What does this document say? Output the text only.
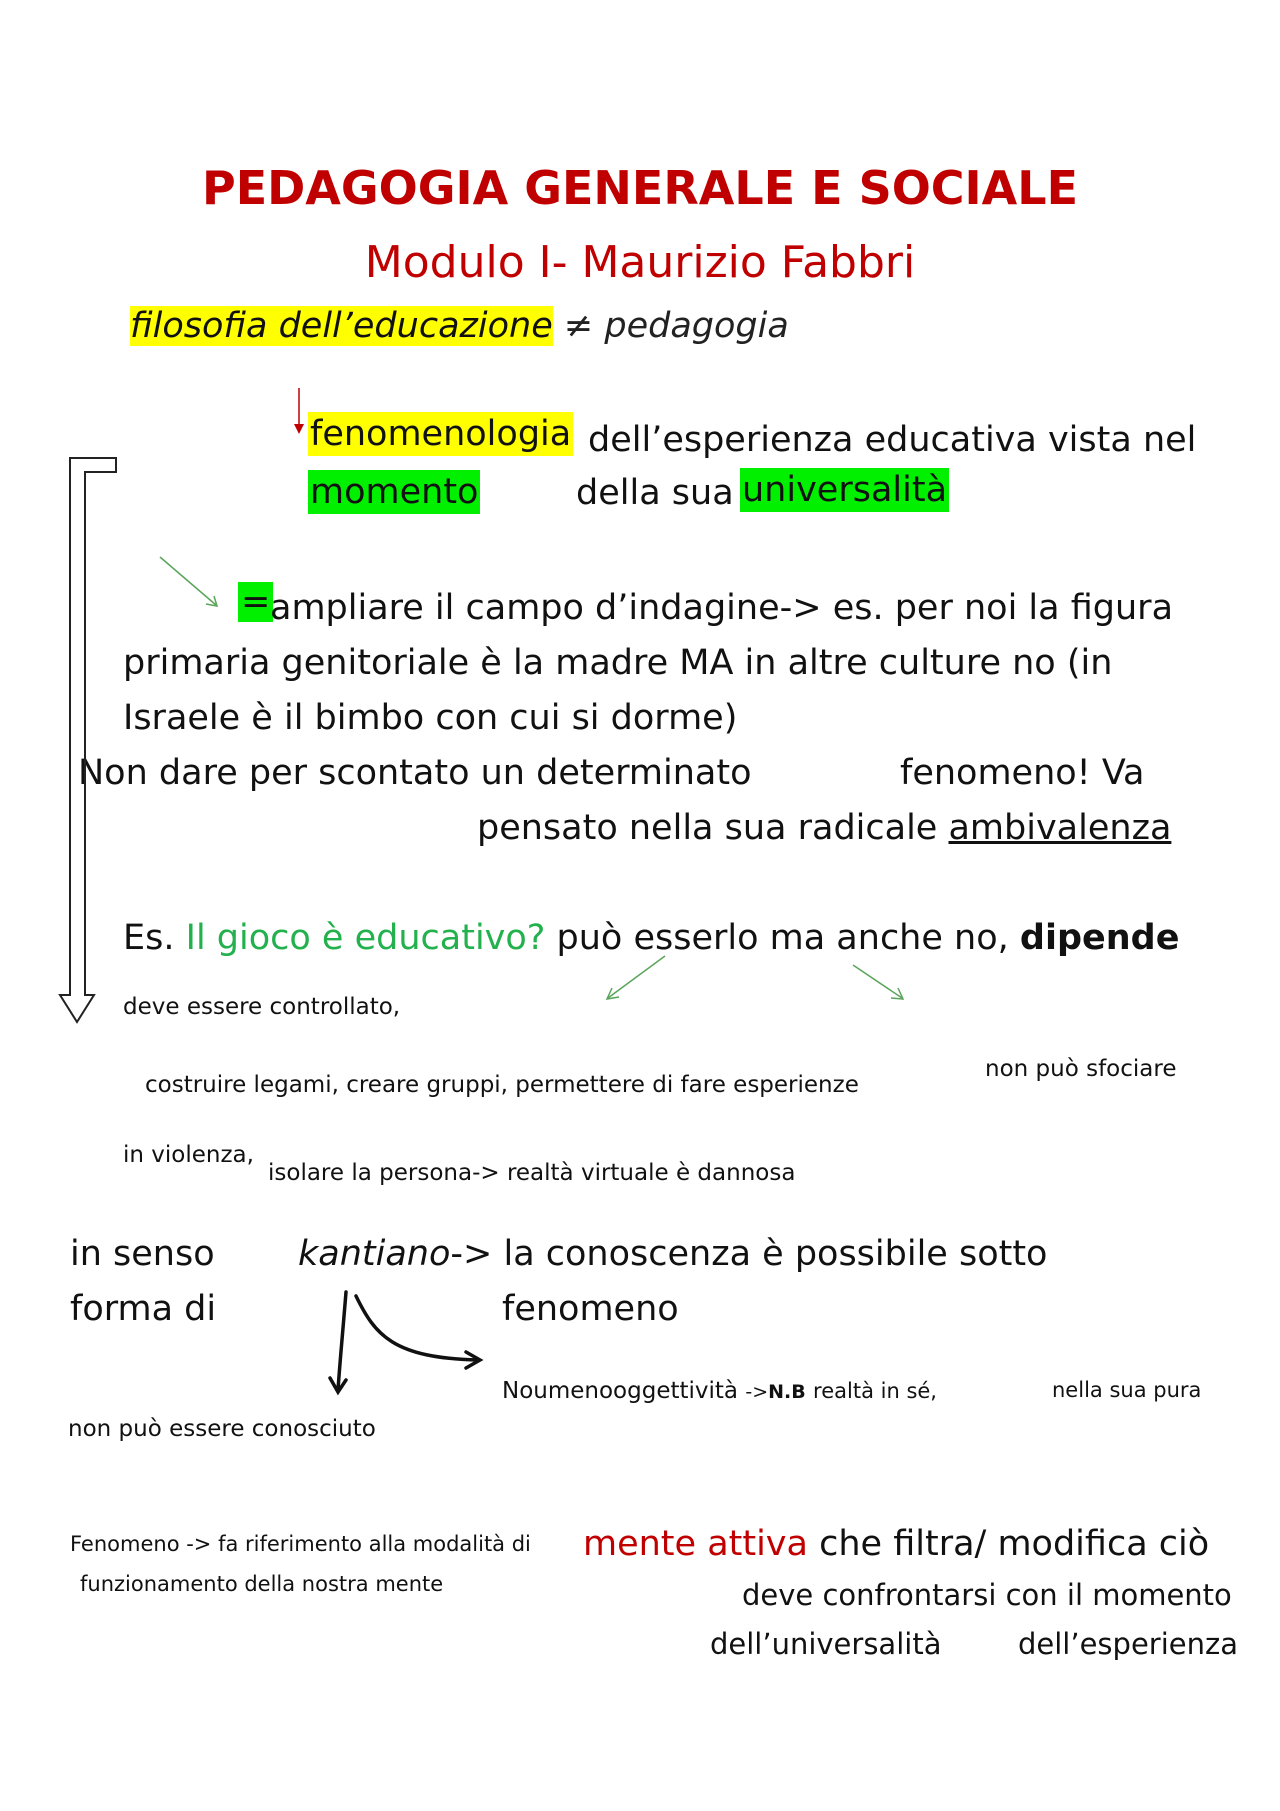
PEDAGOGIA GENERALE E SOCIALE
Modulo I- Maurizio Fabbri
filosofia dell’educazione ≠ pedagogia
fenomenologia dell’esperienza educativa vista nel
momento	della sua universalità
= ampliare il campo d’indagine-> es. per noi la figura
primaria genitoriale è la madre MA in altre culture no (in
Israele è il bimbo con cui si dorme)
Non dare per scontato un determinato	fenomeno! Va
pensato nella sua radicale ambivalenza
Es. Il gioco è educativo? può esserlo ma anche no, dipende
deve essere controllato,
costruire legami, creare gruppi, permettere di fare esperienze
non può sfociare
in violenza,
isolare la persona-> realtà virtuale è dannosa
in senso
forma di
kantiano-> la conoscenza è possibile sotto
fenomeno
Noumenooggettività ->N.B realtà in sé,	nella sua pura
non può essere conosciuto
Fenomeno -> fa riferimento alla modalità di
funzionamento della nostra mente
mente attiva che filtra/ modifica ciò
deve confrontarsi con il momento
dell’universalità	dell’esperienza
